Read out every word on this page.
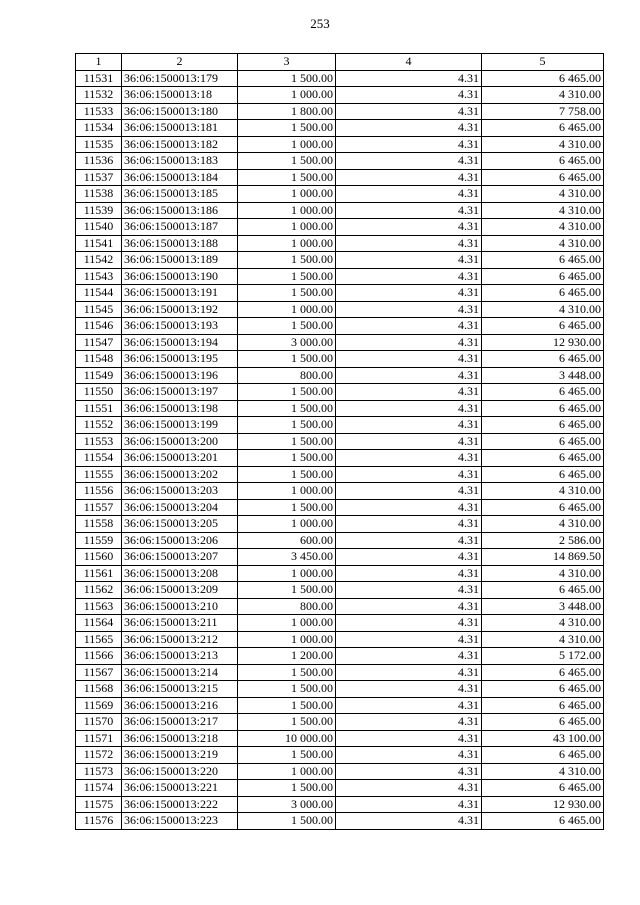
253
1	2	3	4	5
11531	36:06:1500013:179	1 500.00	4.31	6 465.00
11532	36:06:1500013:18	1 000.00	4.31	4 310.00
11533	36:06:1500013:180	1 800.00	4.31	7 758.00
11534	36:06:1500013:181	1 500.00	4.31	6 465.00
11535	36:06:1500013:182	1 000.00	4.31	4 310.00
11536	36:06:1500013:183	1 500.00	4.31	6 465.00
11537	36:06:1500013:184	1 500.00	4.31	6 465.00
11538	36:06:1500013:185	1 000.00	4.31	4 310.00
11539	36:06:1500013:186	1 000.00	4.31	4 310.00
11540	36:06:1500013:187	1 000.00	4.31	4 310.00
11541	36:06:1500013:188	1 000.00	4.31	4 310.00
11542	36:06:1500013:189	1 500.00	4.31	6 465.00
11543	36:06:1500013:190	1 500.00	4.31	6 465.00
11544	36:06:1500013:191	1 500.00	4.31	6 465.00
11545	36:06:1500013:192	1 000.00	4.31	4 310.00
11546	36:06:1500013:193	1 500.00	4.31	6 465.00
11547	36:06:1500013:194	3 000.00	4.31	12 930.00
11548	36:06:1500013:195	1 500.00	4.31	6 465.00
11549	36:06:1500013:196	800.00	4.31	3 448.00
11550	36:06:1500013:197	1 500.00	4.31	6 465.00
11551	36:06:1500013:198	1 500.00	4.31	6 465.00
11552	36:06:1500013:199	1 500.00	4.31	6 465.00
11553	36:06:1500013:200	1 500.00	4.31	6 465.00
11554	36:06:1500013:201	1 500.00	4.31	6 465.00
11555	36:06:1500013:202	1 500.00	4.31	6 465.00
11556	36:06:1500013:203	1 000.00	4.31	4 310.00
11557	36:06:1500013:204	1 500.00	4.31	6 465.00
11558	36:06:1500013:205	1 000.00	4.31	4 310.00
11559	36:06:1500013:206	600.00	4.31	2 586.00
11560	36:06:1500013:207	3 450.00	4.31	14 869.50
11561	36:06:1500013:208	1 000.00	4.31	4 310.00
11562	36:06:1500013:209	1 500.00	4.31	6 465.00
11563	36:06:1500013:210	800.00	4.31	3 448.00
11564	36:06:1500013:211	1 000.00	4.31	4 310.00
11565	36:06:1500013:212	1 000.00	4.31	4 310.00
11566	36:06:1500013:213	1 200.00	4.31	5 172.00
11567	36:06:1500013:214	1 500.00	4.31	6 465.00
11568	36:06:1500013:215	1 500.00	4.31	6 465.00
11569	36:06:1500013:216	1 500.00	4.31	6 465.00
11570	36:06:1500013:217	1 500.00	4.31	6 465.00
11571	36:06:1500013:218	10 000.00	4.31	43 100.00
11572	36:06:1500013:219	1 500.00	4.31	6 465.00
11573	36:06:1500013:220	1 000.00	4.31	4 310.00
11574	36:06:1500013:221	1 500.00	4.31	6 465.00
11575	36:06:1500013:222	3 000.00	4.31	12 930.00
11576	36:06:1500013:223	1 500.00	4.31	6 465.00
